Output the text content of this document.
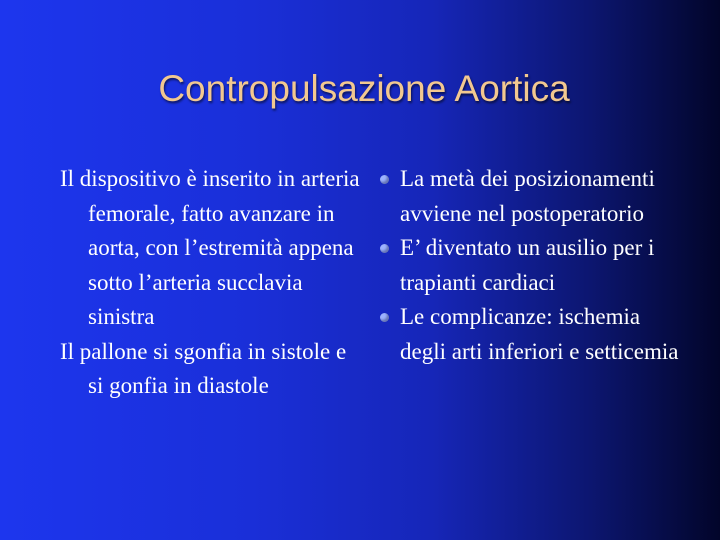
Contropulsazione Aortica
Il dispositivo è inserito in arteria femorale, fatto avanzare in aorta, con l’estremità appena sotto l’arteria succlavia sinistra
Il pallone si sgonfia in sistole e si gonfia in diastole
La metà dei posizionamenti avviene nel postoperatorio
E’ diventato un ausilio per i trapianti cardiaci
Le complicanze: ischemia degli arti inferiori e setticemia
